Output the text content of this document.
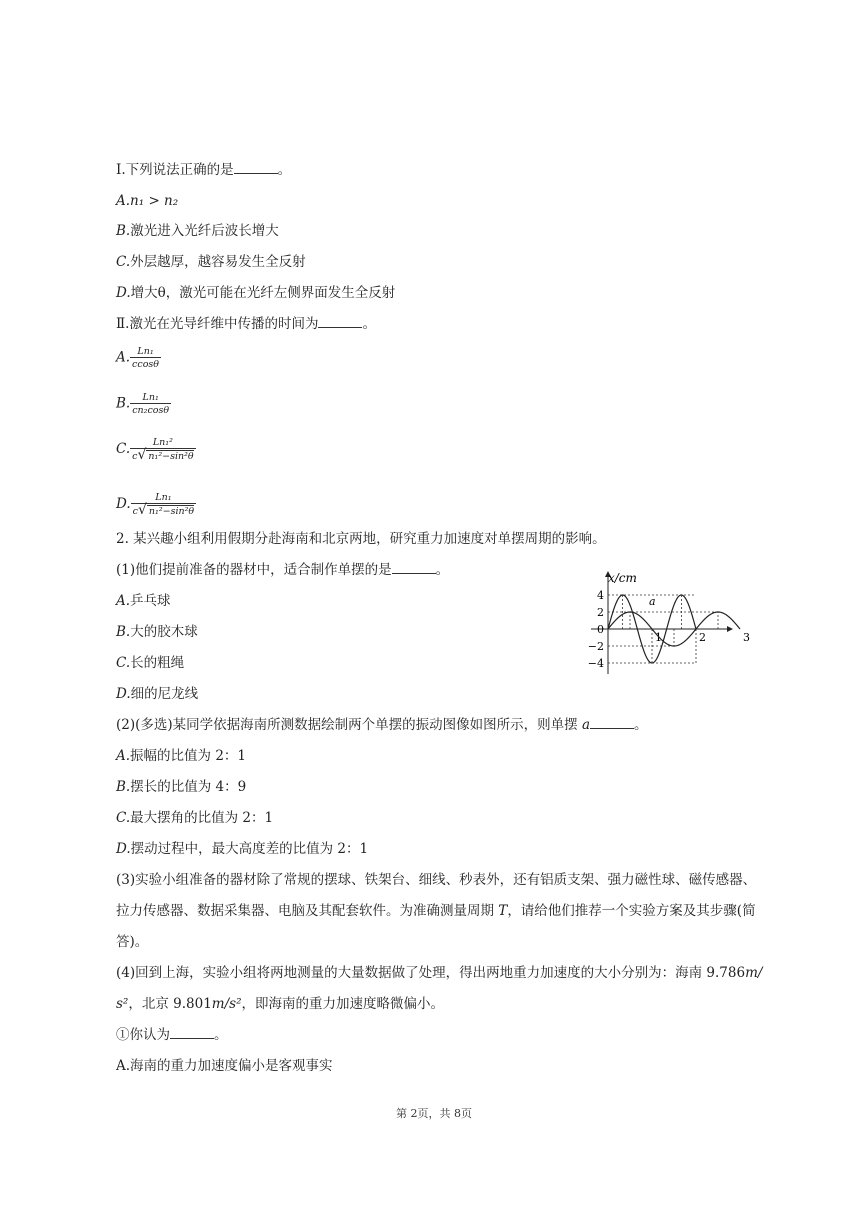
Ⅰ.下列说法正确的是	。
A.n₁ > n₂
B.激光进入光纤后波长增大
C.外层越厚，越容易发生全反射
D.增大θ，激光可能在光纤左侧界面发生全反射
Ⅱ.激光在光导纤维中传播的时间为	。
A. $\frac{\text{Ln₁}}{ccos\theta}$
B. $\frac{\text{Ln₁}}{\text{cn₂cosθ}}$
C. $\frac{\text{Ln₁²}}{\text{c√ n₁²−sin²θ}}$
D. $\frac{\text{Ln₁}}{\text{c√ n₁²−sin²θ}}$
2. 某兴趣小组利用假期分赴海南和北京两地，研究重力加速度对单摆周期的影响。
(1)他们提前准备的器材中，适合制作单摆的是	。
A.乒乓球
B.大的胶木球
C.长的粗绳
D.细的尼龙线
(2)(多选)某同学依据海南所测数据绘制两个单摆的振动图像如图所示，则单摆 a	。
A.振幅的比值为 2：1
B.摆长的比值为 4：9
C.最大摆角的比值为 2：1
D.摆动过程中，最大高度差的比值为 2：1
(3)实验小组准备的器材除了常规的摆球、铁架台、细线、秒表外，还有铝质支架、强力磁性球、磁传感器、
拉力传感器、数据采集器、电脑及其配套软件。为准确测量周期 T，请给他们推荐一个实验方案及其步骤(简
答)。
(4)回到上海，实验小组将两地测量的大量数据做了处理，得出两地重力加速度的大小分别为：海南 9.786m/
s²，北京 9.801m/s²，即海南的重力加速度略微偏小。
①你认为	。
A.海南的重力加速度偏小是客观事实
x/cm
4
2
0
−2
−4
1	2	3
a
第 2页，共 8页
